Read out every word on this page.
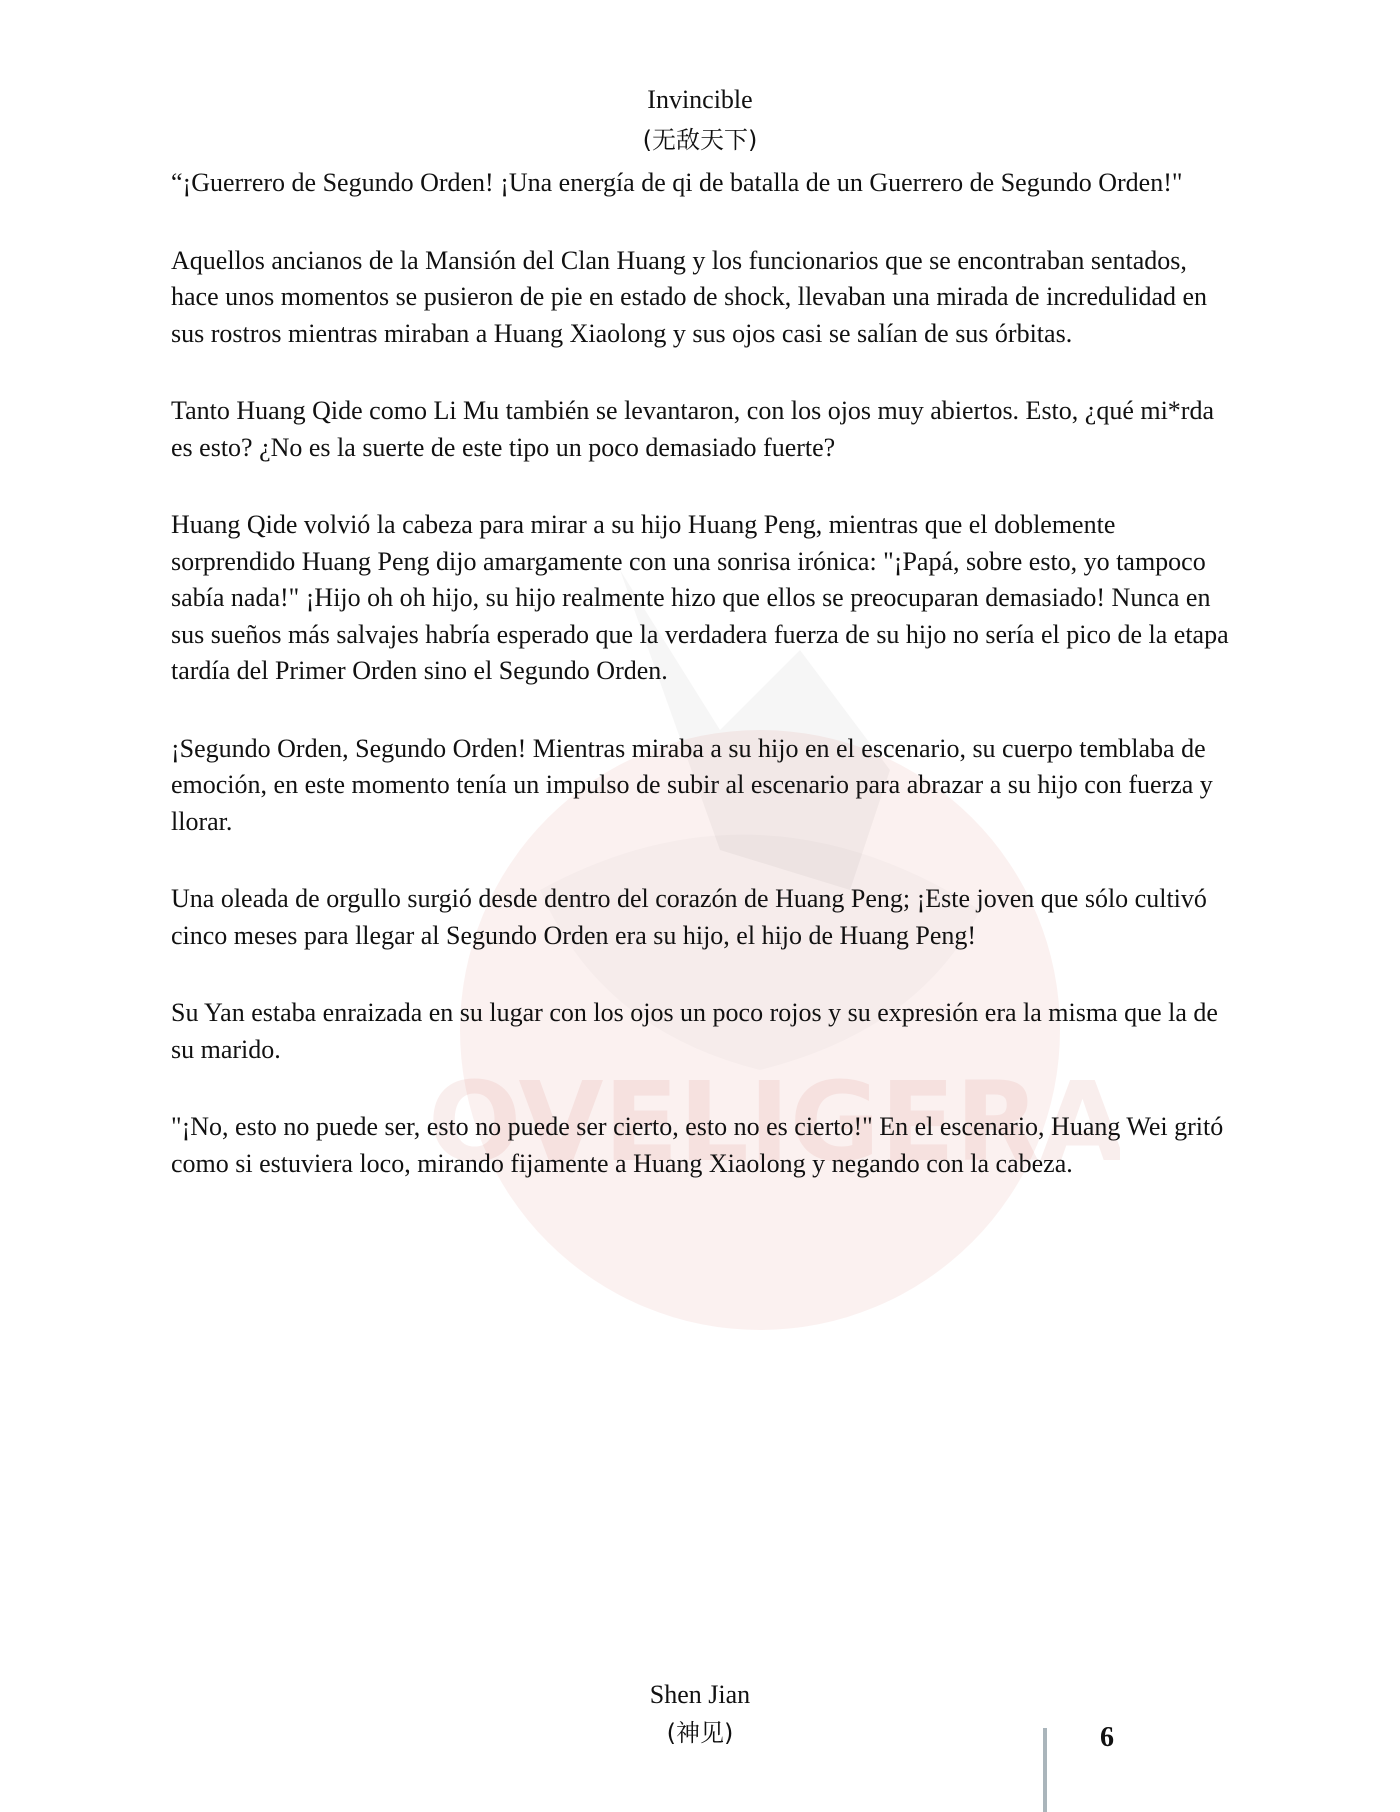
OVELIGERA
Invincible
(无敌天下)

“¡Guerrero de Segundo Orden! ¡Una energía de qi de batalla de un Guerrero de Segundo Orden!"

Aquellos ancianos de la Mansión del Clan Huang y los funcionarios que se encontraban sentados, hace unos momentos se pusieron de pie en estado de shock, llevaban una mirada de incredulidad en sus rostros mientras miraban a Huang Xiaolong y sus ojos casi se salían de sus órbitas.

Tanto Huang Qide como Li Mu también se levantaron, con los ojos muy abiertos. Esto, ¿qué mi*rda es esto? ¿No es la suerte de este tipo un poco demasiado fuerte?

Huang Qide volvió la cabeza para mirar a su hijo Huang Peng, mientras que el doblemente sorprendido Huang Peng dijo amargamente con una sonrisa irónica: "¡Papá, sobre esto, yo tampoco sabía nada!" ¡Hijo oh oh hijo, su hijo realmente hizo que ellos se preocuparan demasiado! Nunca en sus sueños más salvajes habría esperado que la verdadera fuerza de su hijo no sería el pico de la etapa tardía del Primer Orden sino el Segundo Orden.

¡Segundo Orden, Segundo Orden! Mientras miraba a su hijo en el escenario, su cuerpo temblaba de emoción, en este momento tenía un impulso de subir al escenario para abrazar a su hijo con fuerza y llorar.

Una oleada de orgullo surgió desde dentro del corazón de Huang Peng; ¡Este joven que sólo cultivó cinco meses para llegar al Segundo Orden era su hijo, el hijo de Huang Peng!

Su Yan estaba enraizada en su lugar con los ojos un poco rojos y su expresión era la misma que la de su marido.

"¡No, esto no puede ser, esto no puede ser cierto, esto no es cierto!" En el escenario, Huang Wei gritó como si estuviera loco, mirando fijamente a Huang Xiaolong y negando con la cabeza.

Shen Jian
(神见)	6
